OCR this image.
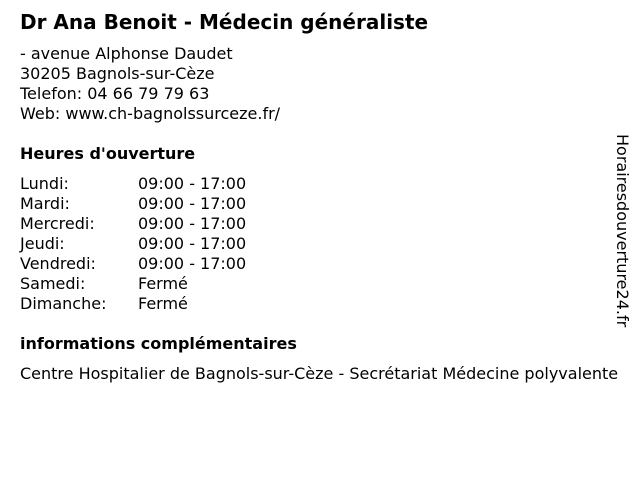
Dr Ana Benoit - Médecin généraliste
- avenue Alphonse Daudet
30205 Bagnols-sur-Cèze
Telefon: 04 66 79 79 63
Web: www.ch-bagnolssurceze.fr/
Heures d'ouverture
Lundi:	09:00 - 17:00
Mardi:	09:00 - 17:00
Mercredi:	09:00 - 17:00
Jeudi:	09:00 - 17:00
Vendredi:	09:00 - 17:00
Samedi:	Fermé
Dimanche: Fermé
informations complémentaires
Centre Hospitalier de Bagnols-sur-Cèze - Secrétariat Médecine polyvalente
Horairesdouverture24.fr
